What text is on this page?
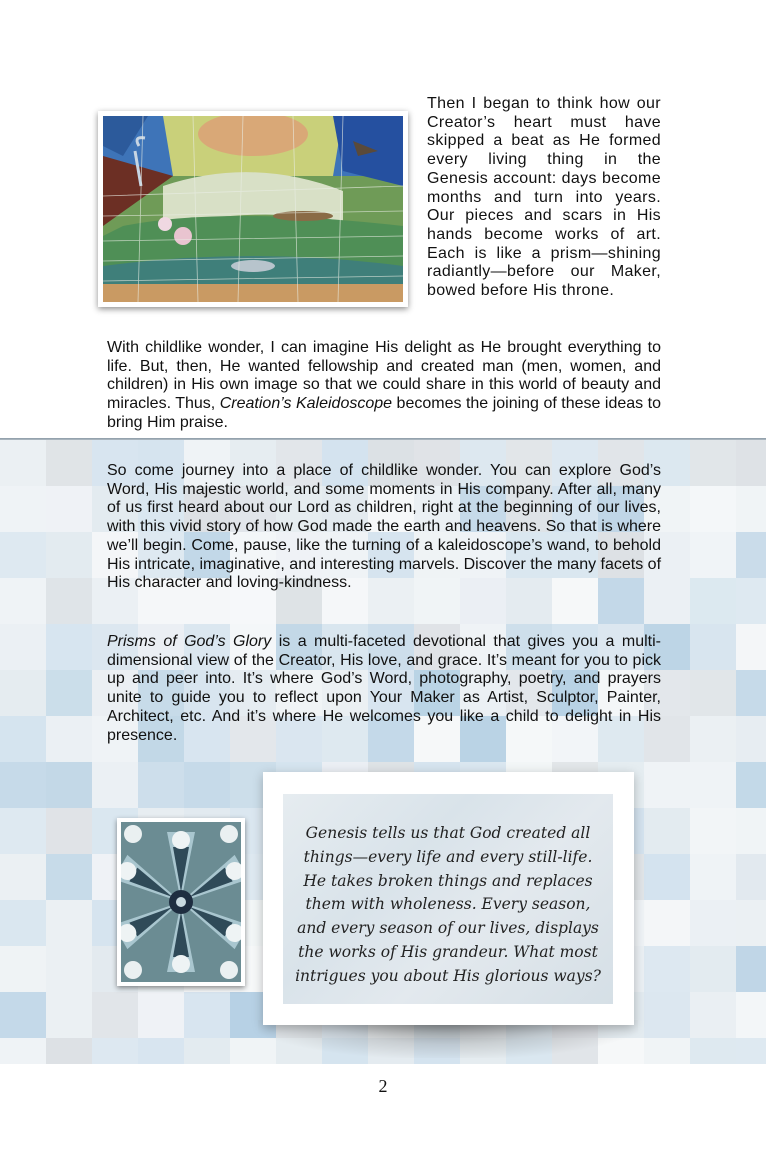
Then I began to think how our Creator’s heart must have skipped a beat as He formed every living thing in the Genesis account: days become months and turn into years. Our pieces and scars in His hands become works of art. Each is like a prism—shining radiantly—before our Maker, bowed before His throne.

With childlike wonder, I can imagine His delight as He brought everything to life. But, then, He wanted fellowship and created man (men, women, and children) in His own image so that we could share in this world of beauty and miracles. Thus, Creation’s Kaleidoscope becomes the joining of these ideas to bring Him praise.

So come journey into a place of childlike wonder. You can explore God’s Word, His majestic world, and some moments in His company. After all, many of us first heard about our Lord as children, right at the beginning of our lives, with this vivid story of how God made the earth and heavens. So that is where we’ll begin. Come, pause, like the turning of a kaleidoscope’s wand, to behold His intricate, imaginative, and interesting marvels. Discover the many facets of His character and loving-kindness.

Prisms of God’s Glory is a multi-faceted devotional that gives you a multi-dimensional view of the Creator, His love, and grace. It’s meant for you to pick up and peer into. It’s where God’s Word, photography, poetry, and prayers unite to guide you to reflect upon Your Maker as Artist, Sculptor, Painter, Architect, etc. And it’s where He welcomes you like a child to delight in His presence.

Genesis tells us that God created all
things—every life and every still-life.
He takes broken things and replaces
them with wholeness. Every season,
and every season of our lives, displays
the works of His grandeur. What most
intrigues you about His glorious ways?

2
